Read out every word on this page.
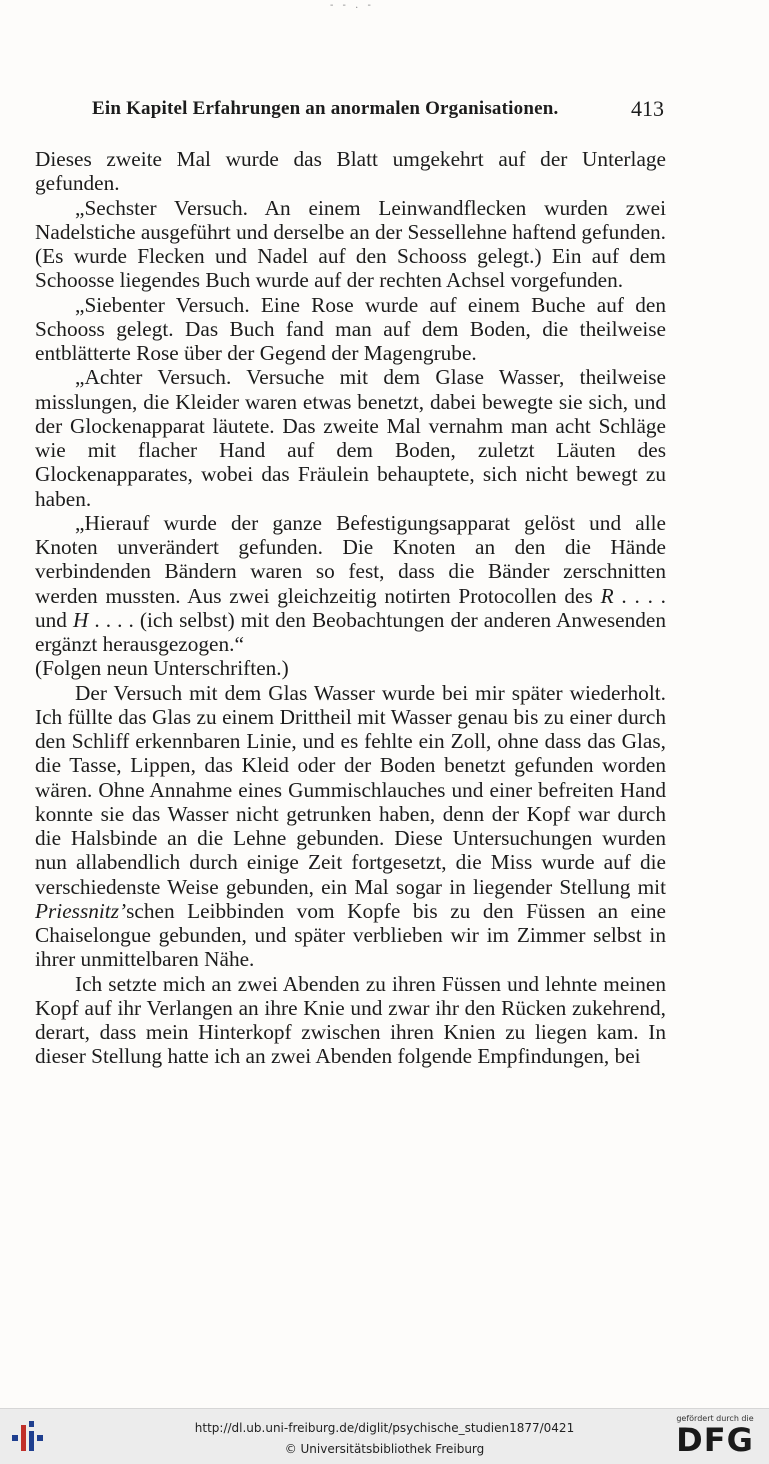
- - . -
Ein Kapitel Erfahrungen an anormalen Organisationen.	413

Dieses zweite Mal wurde das Blatt umgekehrt auf der Unterlage gefunden.

„Sechster Versuch. An einem Leinwandflecken wurden zwei Nadelstiche ausgeführt und derselbe an der Sessellehne haftend gefunden. (Es wurde Flecken und Nadel auf den Schooss gelegt.) Ein auf dem Schoosse liegendes Buch wurde auf der rechten Achsel vorgefunden.

„Siebenter Versuch. Eine Rose wurde auf einem Buche auf den Schooss gelegt. Das Buch fand man auf dem Boden, die theilweise entblätterte Rose über der Gegend der Magengrube.

„Achter Versuch. Versuche mit dem Glase Wasser, theilweise misslungen, die Kleider waren etwas benetzt, dabei bewegte sie sich, und der Glockenapparat läutete. Das zweite Mal vernahm man acht Schläge wie mit flacher Hand auf dem Boden, zuletzt Läuten des Glockenapparates, wobei das Fräulein behauptete, sich nicht bewegt zu haben.

„Hierauf wurde der ganze Befestigungsapparat gelöst und alle Knoten unverändert gefunden. Die Knoten an den die Hände verbindenden Bändern waren so fest, dass die Bänder zerschnitten werden mussten. Aus zwei gleichzeitig notirten Protocollen des R . . . . und H . . . . (ich selbst) mit den Beobachtungen der anderen Anwesenden ergänzt herausgezogen.“

(Folgen neun Unterschriften.)

Der Versuch mit dem Glas Wasser wurde bei mir später wiederholt. Ich füllte das Glas zu einem Drittheil mit Wasser genau bis zu einer durch den Schliff erkennbaren Linie, und es fehlte ein Zoll, ohne dass das Glas, die Tasse, Lippen, das Kleid oder der Boden benetzt gefunden worden wären. Ohne Annahme eines Gummischlauches und einer befreiten Hand konnte sie das Wasser nicht getrunken haben, denn der Kopf war durch die Halsbinde an die Lehne gebunden. Diese Untersuchungen wurden nun allabendlich durch einige Zeit fortgesetzt, die Miss wurde auf die verschiedenste Weise gebunden, ein Mal sogar in liegender Stellung mit Priessnitz’schen Leibbinden vom Kopfe bis zu den Füssen an eine Chaiselongue gebunden, und später verblieben wir im Zimmer selbst in ihrer unmittelbaren Nähe.

Ich setzte mich an zwei Abenden zu ihren Füssen und lehnte meinen Kopf auf ihr Verlangen an ihre Knie und zwar ihr den Rücken zukehrend, derart, dass mein Hinterkopf zwischen ihren Knien zu liegen kam. In dieser Stellung hatte ich an zwei Abenden folgende Empfindungen, bei

http://dl.ub.uni-freiburg.de/diglit/psychische_studien1877/0421
© Universitätsbibliothek Freiburg
gefördert durch die
DFG
